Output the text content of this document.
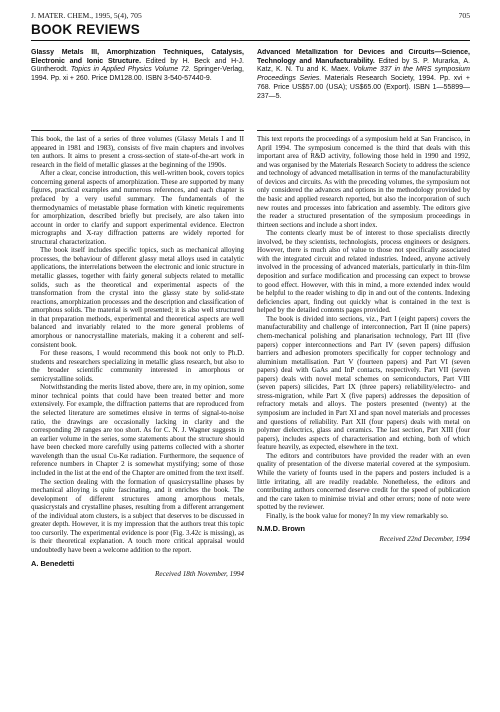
J. MATER. CHEM., 1995, 5(4), 705	705
BOOK REVIEWS
Glassy Metals III, Amorphization Techniques, Catalysis, Electronic and Ionic Structure. Edited by H. Beck and H-J. Güntherodt. Topics in Applied Physics Volume 72. Springer-Verlag, 1994. Pp. xi + 260. Price DM128.00. ISBN 3-540-57440-9.

This book, the last of a series of three volumes (Glassy Metals I and II appeared in 1981 and 1983), consists of five main chapters and involves ten authors. It aims to present a cross-section of state-of-the-art work in research in the field of metallic glasses at the beginning of the 1990s.

After a clear, concise introduction, this well-written book, covers topics concerning general aspects of amorphization. These are supported by many figures, practical examples and numerous references, and each chapter is prefaced by a very useful summary. The fundamentals of the thermodynamics of metastable phase formation with kinetic requirements for amorphization, described briefly but precisely, are also taken into account in order to clarify and support experimental evidence. Electron micrographs and X-ray diffraction patterns are widely reported for structural characterization.

The book itself includes specific topics, such as mechanical alloying processes, the behaviour of different glassy metal alloys used in catalytic applications, the interrelations between the electronic and ionic structure in metallic glasses, together with fairly general subjects related to metallic solids, such as the theoretical and experimental aspects of the transformation from the crystal into the glassy state by solid-state reactions, amorphization processes and the description and classification of amorphous solids. The material is well presented; it is also well structured in that preparation methods, experimental and theoretical aspects are well balanced and invariably related to the more general problems of amorphous or nanocrystalline materials, making it a coherent and self-consistent book.

For these reasons, I would recommend this book not only to Ph.D. students and researchers specializing in metallic glass research, but also to the broader scientific community interested in amorphous or semicrystalline solids.

Notwithstanding the merits listed above, there are, in my opinion, some minor technical points that could have been treated better and more extensively. For example, the diffraction patterns that are reproduced from the selected literature are sometimes elusive in terms of signal-to-noise ratio, the drawings are occasionally lacking in clarity and the corresponding 2θ ranges are too short. As for C. N. J. Wagner suggests in an earlier volume in the series, some statements about the structure should have been checked more carefully using patterns collected with a shorter wavelength than the usual Cu-Kα radiation. Furthermore, the sequence of reference numbers in Chapter 2 is somewhat mystifying; some of those included in the list at the end of the Chapter are omitted from the text itself.

The section dealing with the formation of quasicrystalline phases by mechanical alloying is quite fascinating, and it enriches the book. The development of different structures among amorphous metals, quasicrystals and crystalline phases, resulting from a different arrangement of the individual atom clusters, is a subject that deserves to be discussed in greater depth. However, it is my impression that the authors treat this topic too cursorily. The experimental evidence is poor (Fig. 3.42c is missing), as is their theoretical explanation. A touch more critical appraisal would undoubtedly have been a welcome addition to the report.

A. Benedetti
Received 18th November, 1994
Advanced Metallization for Devices and Circuits—Science, Technology and Manufacturability. Edited by S. P. Murarka, A. Katz, K. N. Tu and K. Maex. Volume 337 in the MRS symposium Proceedings Series. Materials Research Society, 1994. Pp. xvi + 768. Price US$57.00 (USA); US$65.00 (Export). ISBN 1—55899—237—5.

This text reports the proceedings of a symposium held at San Francisco, in April 1994. The symposium concerned is the third that deals with this important area of R&D activity, following those held in 1990 and 1992, and was organised by the Materials Research Society to address the science and technology of advanced metallisation in terms of the manufacturability of devices and circuits. As with the preceding volumes, the symposium not only considered the advances and options in the methodology provided by the basic and applied research reported, but also the incorporation of such new routes and processes into fabrication and assembly. The editors give the reader a structured presentation of the symposium proceedings in thirteen sections and include a short index.

The contents clearly must be of interest to those specialists directly involved, be they scientists, technologists, process engineers or designers. However, there is much also of value to those not specifically associated with the integrated circuit and related industries. Indeed, anyone actively involved in the processing of advanced materials, particularly in thin-film deposition and surface modification and processing can expect to browse to good effect. However, with this in mind, a more extended index would be helpful to the reader wishing to dip in and out of the contents. Indexing deficiencies apart, finding out quickly what is contained in the text is helped by the detailed contents pages provided.

The book is divided into sections, viz., Part I (eight papers) covers the manufacturability and challenge of interconnection, Part II (nine papers) chem-mechanical polishing and planarisation technology, Part III (five papers) copper interconnections and Part IV (seven papers) diffusion barriers and adhesion promoters specifically for copper technology and aluminium metallisation. Part V (fourteen papers) and Part VI (seven papers) deal with GaAs and InP contacts, respectively. Part VII (seven papers) deals with novel metal schemes on semiconductors, Part VIII (seven papers) silicides, Part IX (three papers) reliability/electro- and stress-migration, while Part X (five papers) addresses the deposition of refractory metals and alloys. The posters presented (twenty) at the symposium are included in Part XI and span novel materials and processes and questions of reliability. Part XII (four papers) deals with metal on polymer dielectrics, glass and ceramics. The last section, Part XIII (four papers), includes aspects of characterisation and etching, both of which feature heavily, as expected, elsewhere in the text.

The editors and contributors have provided the reader with an even quality of presentation of the diverse material covered at the symposium. While the variety of founts used in the papers and posters included is a little irritating, all are readily readable. Nonetheless, the editors and contributing authors concerned deserve credit for the speed of publication and the care taken to minimise trivial and other errors; none of note were spotted by the reviewer.

Finally, is the book value for money? In my view remarkably so.

N.M.D. Brown
Received 22nd December, 1994
